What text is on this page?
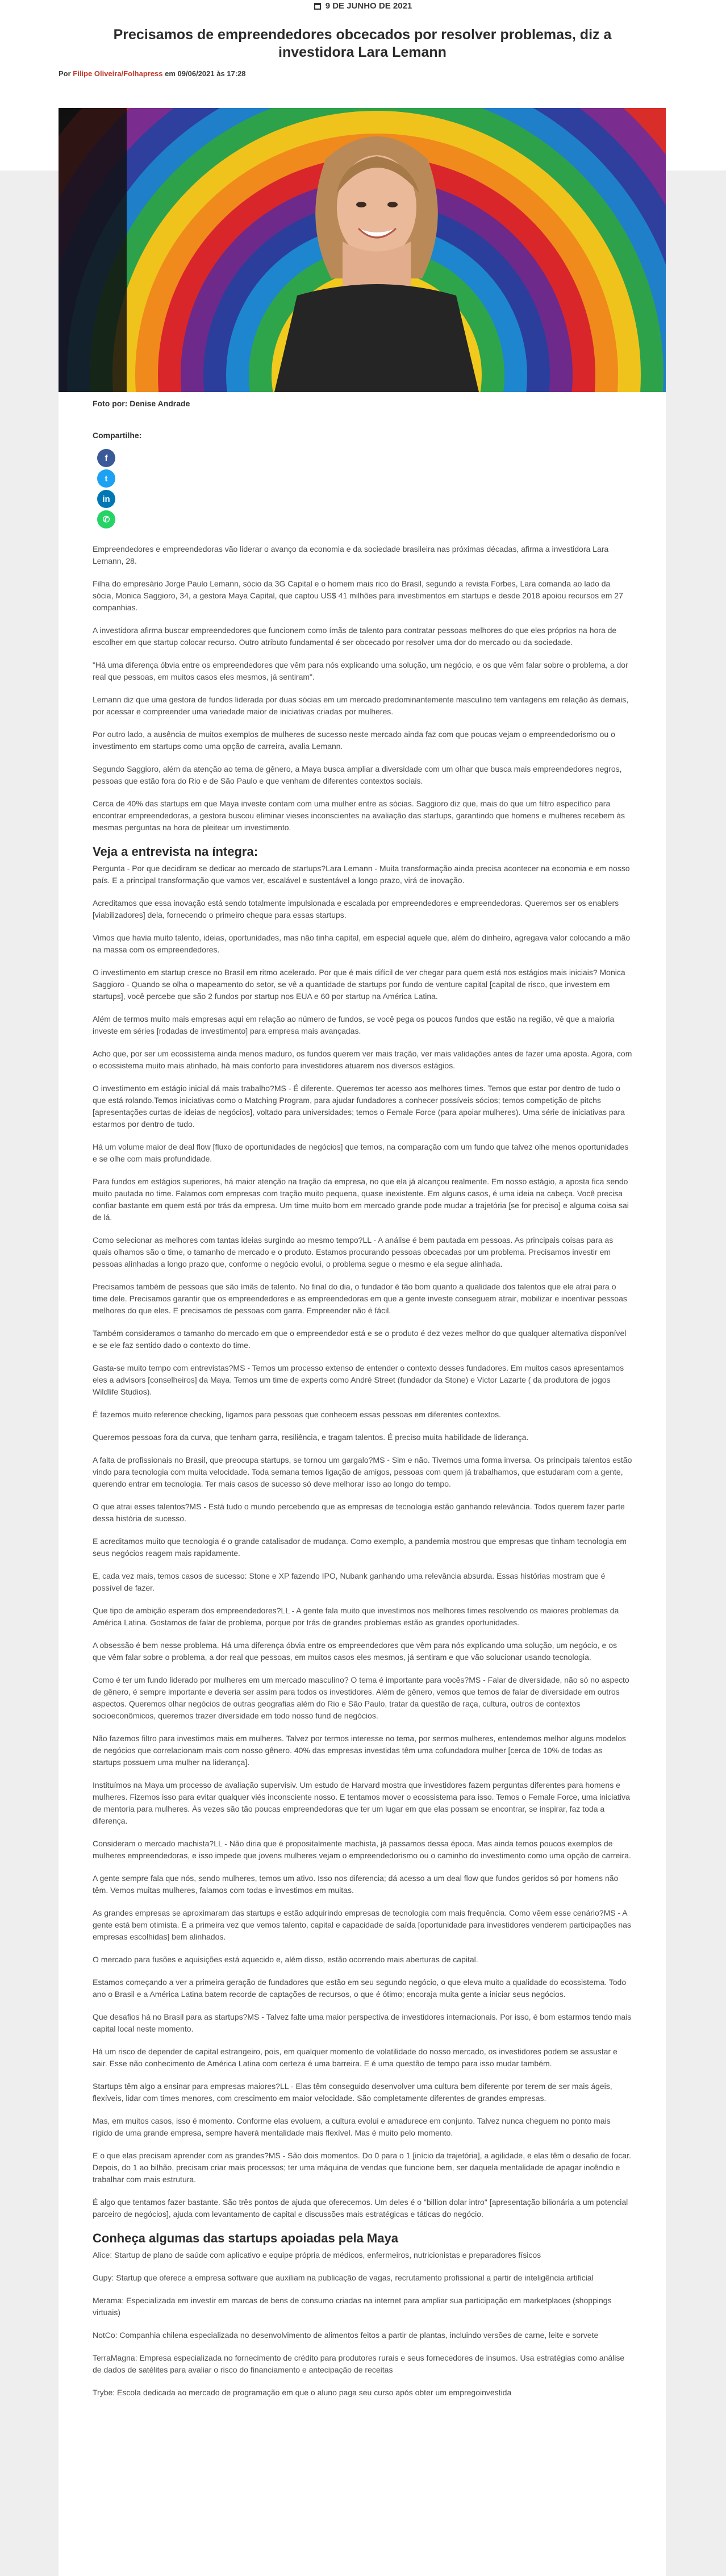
9 DE JUNHO DE 2021
Precisamos de empreendedores obcecados por resolver problemas, diz a investidora Lara Lemann
Por Filipe Oliveira/Folhapress em 09/06/2021 às 17:28
Foto por: Denise Andrade
Compartilhe:
f
t
in
✆

Empreendedores e empreendedoras vão liderar o avanço da economia e da sociedade brasileira nas próximas décadas, afirma a investidora Lara Lemann, 28.

Filha do empresário Jorge Paulo Lemann, sócio da 3G Capital e o homem mais rico do Brasil, segundo a revista Forbes, Lara comanda ao lado da sócia, Monica Saggioro, 34, a gestora Maya Capital, que captou US$ 41 milhões para investimentos em startups e desde 2018 apoiou recursos em 27 companhias.

A investidora afirma buscar empreendedores que funcionem como ímãs de talento para contratar pessoas melhores do que eles próprios na hora de escolher em que startup colocar recurso. Outro atributo fundamental é ser obcecado por resolver uma dor do mercado ou da sociedade.

"Há uma diferença óbvia entre os empreendedores que vêm para nós explicando uma solução, um negócio, e os que vêm falar sobre o problema, a dor real que pessoas, em muitos casos eles mesmos, já sentiram".

Lemann diz que uma gestora de fundos liderada por duas sócias em um mercado predominantemente masculino tem vantagens em relação às demais, por acessar e compreender uma variedade maior de iniciativas criadas por mulheres.

Por outro lado, a ausência de muitos exemplos de mulheres de sucesso neste mercado ainda faz com que poucas vejam o empreendedorismo ou o investimento em startups como uma opção de carreira, avalia Lemann.

Segundo Saggioro, além da atenção ao tema de gênero, a Maya busca ampliar a diversidade com um olhar que busca mais empreendedores negros, pessoas que estão fora do Rio e de São Paulo e que venham de diferentes contextos sociais.

Cerca de 40% das startups em que Maya investe contam com uma mulher entre as sócias. Saggioro diz que, mais do que um filtro específico para encontrar empreendedoras, a gestora buscou eliminar vieses inconscientes na avaliação das startups, garantindo que homens e mulheres recebem às mesmas perguntas na hora de pleitear um investimento.

Veja a entrevista na íntegra:

Pergunta - Por que decidiram se dedicar ao mercado de startups?Lara Lemann - Muita transformação ainda precisa acontecer na economia e em nosso país. E a principal transformação que vamos ver, escalável e sustentável a longo prazo, virá de inovação.

Acreditamos que essa inovação está sendo totalmente impulsionada e escalada por empreendedores e empreendedoras. Queremos ser os enablers [viabilizadores] dela, fornecendo o primeiro cheque para essas startups.

Vimos que havia muito talento, ideias, oportunidades, mas não tinha capital, em especial aquele que, além do dinheiro, agregava valor colocando a mão na massa com os empreendedores.

O investimento em startup cresce no Brasil em ritmo acelerado. Por que é mais difícil de ver chegar para quem está nos estágios mais iniciais? Monica Saggioro - Quando se olha o mapeamento do setor, se vê a quantidade de startups por fundo de venture capital [capital de risco, que investem em startups], você percebe que são 2 fundos por startup nos EUA e 60 por startup na América Latina.

Além de termos muito mais empresas aqui em relação ao número de fundos, se você pega os poucos fundos que estão na região, vê que a maioria investe em séries [rodadas de investimento] para empresa mais avançadas.

Acho que, por ser um ecossistema ainda menos maduro, os fundos querem ver mais tração, ver mais validações antes de fazer uma aposta. Agora, com o ecossistema muito mais atinhado, há mais conforto para investidores atuarem nos diversos estágios.

O investimento em estágio inicial dá mais trabalho?MS - É diferente. Queremos ter acesso aos melhores times. Temos que estar por dentro de tudo o que está rolando.Temos iniciativas como o Matching Program, para ajudar fundadores a conhecer possíveis sócios; temos competição de pitchs [apresentações curtas de ideias de negócios], voltado para universidades; temos o Female Force (para apoiar mulheres). Uma série de iniciativas para estarmos por dentro de tudo.

Há um volume maior de deal flow [fluxo de oportunidades de negócios] que temos, na comparação com um fundo que talvez olhe menos oportunidades e se olhe com mais profundidade.

Para fundos em estágios superiores, há maior atenção na tração da empresa, no que ela já alcançou realmente. Em nosso estágio, a aposta fica sendo muito pautada no time. Falamos com empresas com tração muito pequena, quase inexistente. Em alguns casos, é uma ideia na cabeça. Você precisa confiar bastante em quem está por trás da empresa. Um time muito bom em mercado grande pode mudar a trajetória [se for preciso] e alguma coisa sai de lá.

Como selecionar as melhores com tantas ideias surgindo ao mesmo tempo?LL - A análise é bem pautada em pessoas. As principais coisas para as quais olhamos são o time, o tamanho de mercado e o produto. Estamos procurando pessoas obcecadas por um problema. Precisamos investir em pessoas alinhadas a longo prazo que, conforme o negócio evolui, o problema segue o mesmo e ela segue alinhada.

Precisamos também de pessoas que são ímãs de talento. No final do dia, o fundador é tão bom quanto a qualidade dos talentos que ele atrai para o time dele. Precisamos garantir que os empreendedores e as empreendedoras em que a gente investe conseguem atrair, mobilizar e incentivar pessoas melhores do que eles. E precisamos de pessoas com garra. Empreender não é fácil.

Também consideramos o tamanho do mercado em que o empreendedor está e se o produto é dez vezes melhor do que qualquer alternativa disponível e se ele faz sentido dado o contexto do time.

Gasta-se muito tempo com entrevistas?MS - Temos um processo extenso de entender o contexto desses fundadores. Em muitos casos apresentamos eles a advisors [conselheiros] da Maya. Temos um time de experts como André Street (fundador da Stone) e Victor Lazarte ( da produtora de jogos Wildlife Studios).

É fazemos muito reference checking, ligamos para pessoas que conhecem essas pessoas em diferentes contextos.

Queremos pessoas fora da curva, que tenham garra, resiliência, e tragam talentos. É preciso muita habilidade de liderança.

A falta de profissionais no Brasil, que preocupa startups, se tornou um gargalo?MS - Sim e não. Tivemos uma forma inversa. Os principais talentos estão vindo para tecnologia com muita velocidade. Toda semana temos ligação de amigos, pessoas com quem já trabalhamos, que estudaram com a gente, querendo entrar em tecnologia. Ter mais casos de sucesso só deve melhorar isso ao longo do tempo.

O que atrai esses talentos?MS - Está tudo o mundo percebendo que as empresas de tecnologia estão ganhando relevância. Todos querem fazer parte dessa história de sucesso.

E acreditamos muito que tecnologia é o grande catalisador de mudança. Como exemplo, a pandemia mostrou que empresas que tinham tecnologia em seus negócios reagem mais rapidamente.

E, cada vez mais, temos casos de sucesso: Stone e XP fazendo IPO, Nubank ganhando uma relevância absurda. Essas histórias mostram que é possível de fazer.

Que tipo de ambição esperam dos empreendedores?LL - A gente fala muito que investimos nos melhores times resolvendo os maiores problemas da América Latina. Gostamos de falar de problema, porque por trás de grandes problemas estão as grandes oportunidades.

A obsessão é bem nesse problema. Há uma diferença óbvia entre os empreendedores que vêm para nós explicando uma solução, um negócio, e os que vêm falar sobre o problema, a dor real que pessoas, em muitos casos eles mesmos, já sentiram e que vão solucionar usando tecnologia.

Como é ter um fundo liderado por mulheres em um mercado masculino? O tema é importante para vocês?MS - Falar de diversidade, não só no aspecto de gênero, é sempre importante e deveria ser assim para todos os investidores. Além de gênero, vemos que temos de falar de diversidade em outros aspectos. Queremos olhar negócios de outras geografias além do Rio e São Paulo, tratar da questão de raça, cultura, outros de contextos socioeconômicos, queremos trazer diversidade em todo nosso fund de negócios.

Não fazemos filtro para investimos mais em mulheres. Talvez por termos interesse no tema, por sermos mulheres, entendemos melhor alguns modelos de negócios que correlacionam mais com nosso gênero. 40% das empresas investidas têm uma cofundadora mulher [cerca de 10% de todas as startups possuem uma mulher na liderança].

Instituímos na Maya um processo de avaliação supervisiv. Um estudo de Harvard mostra que investidores fazem perguntas diferentes para homens e mulheres. Fizemos isso para evitar qualquer viés inconsciente nosso. E tentamos mover o ecossistema para isso. Temos o Female Force, uma iniciativa de mentoria para mulheres. Às vezes são tão poucas empreendedoras que ter um lugar em que elas possam se encontrar, se inspirar, faz toda a diferença.

Consideram o mercado machista?LL - Não diria que é propositalmente machista, já passamos dessa época. Mas ainda temos poucos exemplos de mulheres empreendedoras, e isso impede que jovens mulheres vejam o empreendedorismo ou o caminho do investimento como uma opção de carreira.

A gente sempre fala que nós, sendo mulheres, temos um ativo. Isso nos diferencia; dá acesso a um deal flow que fundos geridos só por homens não têm. Vemos muitas mulheres, falamos com todas e investimos em muitas.

As grandes empresas se aproximaram das startups e estão adquirindo empresas de tecnologia com mais frequência. Como vêem esse cenário?MS - A gente está bem otimista. É a primeira vez que vemos talento, capital e capacidade de saída [oportunidade para investidores venderem participações nas empresas escolhidas] bem alinhados.

O mercado para fusões e aquisições está aquecido e, além disso, estão ocorrendo mais aberturas de capital.

Estamos começando a ver a primeira geração de fundadores que estão em seu segundo negócio, o que eleva muito a qualidade do ecossistema. Todo ano o Brasil e a América Latina batem recorde de captações de recursos, o que é ótimo; encoraja muita gente a iniciar seus negócios.

Que desafios há no Brasil para as startups?MS - Talvez falte uma maior perspectiva de investidores internacionais. Por isso, é bom estarmos tendo mais capital local neste momento.

Há um risco de depender de capital estrangeiro, pois, em qualquer momento de volatilidade do nosso mercado, os investidores podem se assustar e sair. Esse não conhecimento de América Latina com certeza é uma barreira. E é uma questão de tempo para isso mudar também.

Startups têm algo a ensinar para empresas maiores?LL - Elas têm conseguido desenvolver uma cultura bem diferente por terem de ser mais ágeis, flexíveis, lidar com times menores, com crescimento em maior velocidade. São completamente diferentes de grandes empresas.

Mas, em muitos casos, isso é momento. Conforme elas evoluem, a cultura evolui e amadurece em conjunto. Talvez nunca cheguem no ponto mais rígido de uma grande empresa, sempre haverá mentalidade mais flexível. Mas é muito pelo momento.

E o que elas precisam aprender com as grandes?MS - São dois momentos. Do 0 para o 1 [início da trajetória], a agilidade, e elas têm o desafio de focar. Depois, do 1 ao bilhão, precisam criar mais processos; ter uma máquina de vendas que funcione bem, ser daquela mentalidade de apagar incêndio e trabalhar com mais estrutura.

É algo que tentamos fazer bastante. São três pontos de ajuda que oferecemos. Um deles é o "billion dolar intro" [apresentação bilionária a um potencial parceiro de negócios], ajuda com levantamento de capital e discussões mais estratégicas e táticas do negócio.

Conheça algumas das startups apoiadas pela Maya

Alice: Startup de plano de saúde com aplicativo e equipe própria de médicos, enfermeiros, nutricionistas e preparadores físicos

Gupy: Startup que oferece a empresa software que auxiliam na publicação de vagas, recrutamento profissional a partir de inteligência artificial

Merama: Especializada em investir em marcas de bens de consumo criadas na internet para ampliar sua participação em marketplaces (shoppings virtuais)

NotCo: Companhia chilena especializada no desenvolvimento de alimentos feitos a partir de plantas, incluindo versões de carne, leite e sorvete

TerraMagna: Empresa especializada no fornecimento de crédito para produtores rurais e seus fornecedores de insumos. Usa estratégias como análise de dados de satélites para avaliar o risco do financiamento e antecipação de receitas

Trybe: Escola dedicada ao mercado de programação em que o aluno paga seu curso após obter um empregoinvestida
